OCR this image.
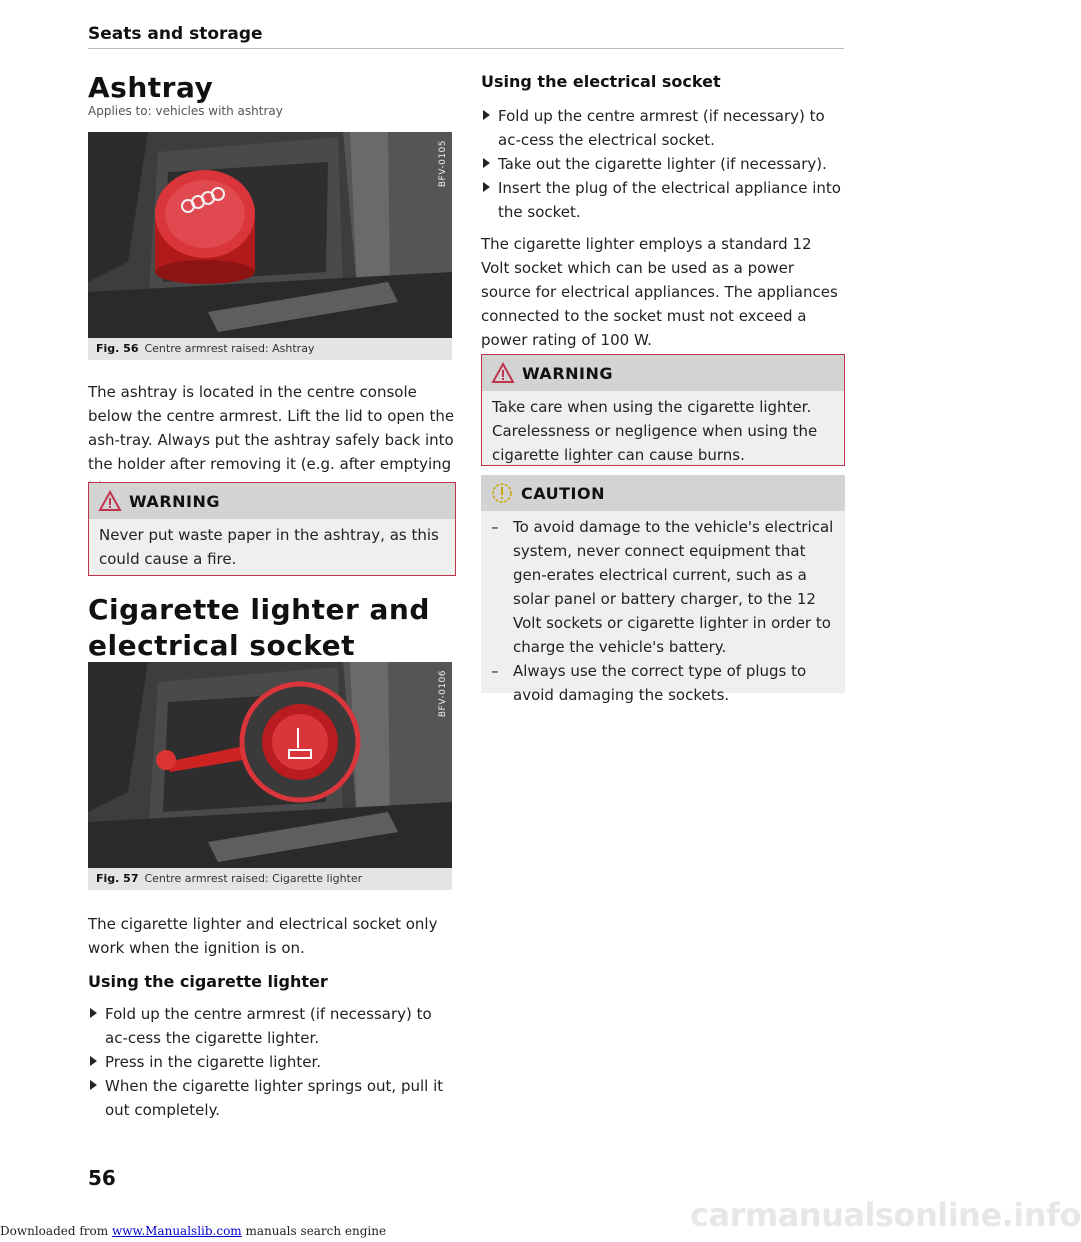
Seats and storage
Ashtray
Applies to: vehicles with ashtray
BFV-0105
Fig. 56 Centre armrest raised: Ashtray
The ashtray is located in the centre console below the centre armrest. Lift the lid to open the ash-tray. Always put the ashtray safely back into the holder after removing it (e.g. after emptying
WARNING
Never put waste paper in the ashtray, as this could cause a fire.
Cigarette lighter and electrical socket
BFV-0106
Fig. 57 Centre armrest raised: Cigarette lighter
The cigarette lighter and electrical socket only work when the ignition is on.
Using the cigarette lighter
Fold up the centre armrest (if necessary) to ac-cess the cigarette lighter.
Press in the cigarette lighter.
When the cigarette lighter springs out, pull it out completely.
56
Using the electrical socket
Fold up the centre armrest (if necessary) to ac-cess the electrical socket.
Take out the cigarette lighter (if necessary).
Insert the plug of the electrical appliance into the socket.
The cigarette lighter employs a standard 12 Volt socket which can be used as a power source for electrical appliances. The appliances connected to the socket must not exceed a power rating of 100 W.
WARNING
Take care when using the cigarette lighter. Carelessness or negligence when using the cigarette lighter can cause burns.
CAUTION
– To avoid damage to the vehicle's electrical system, never connect equipment that gen-erates electrical current, such as a solar panel or battery charger, to the 12 Volt sockets or cigarette lighter in order to charge the vehicle's battery.
– Always use the correct type of plugs to avoid damaging the sockets.
carmanualsonline.info
Downloaded from www.Manualslib.com manuals search engine
